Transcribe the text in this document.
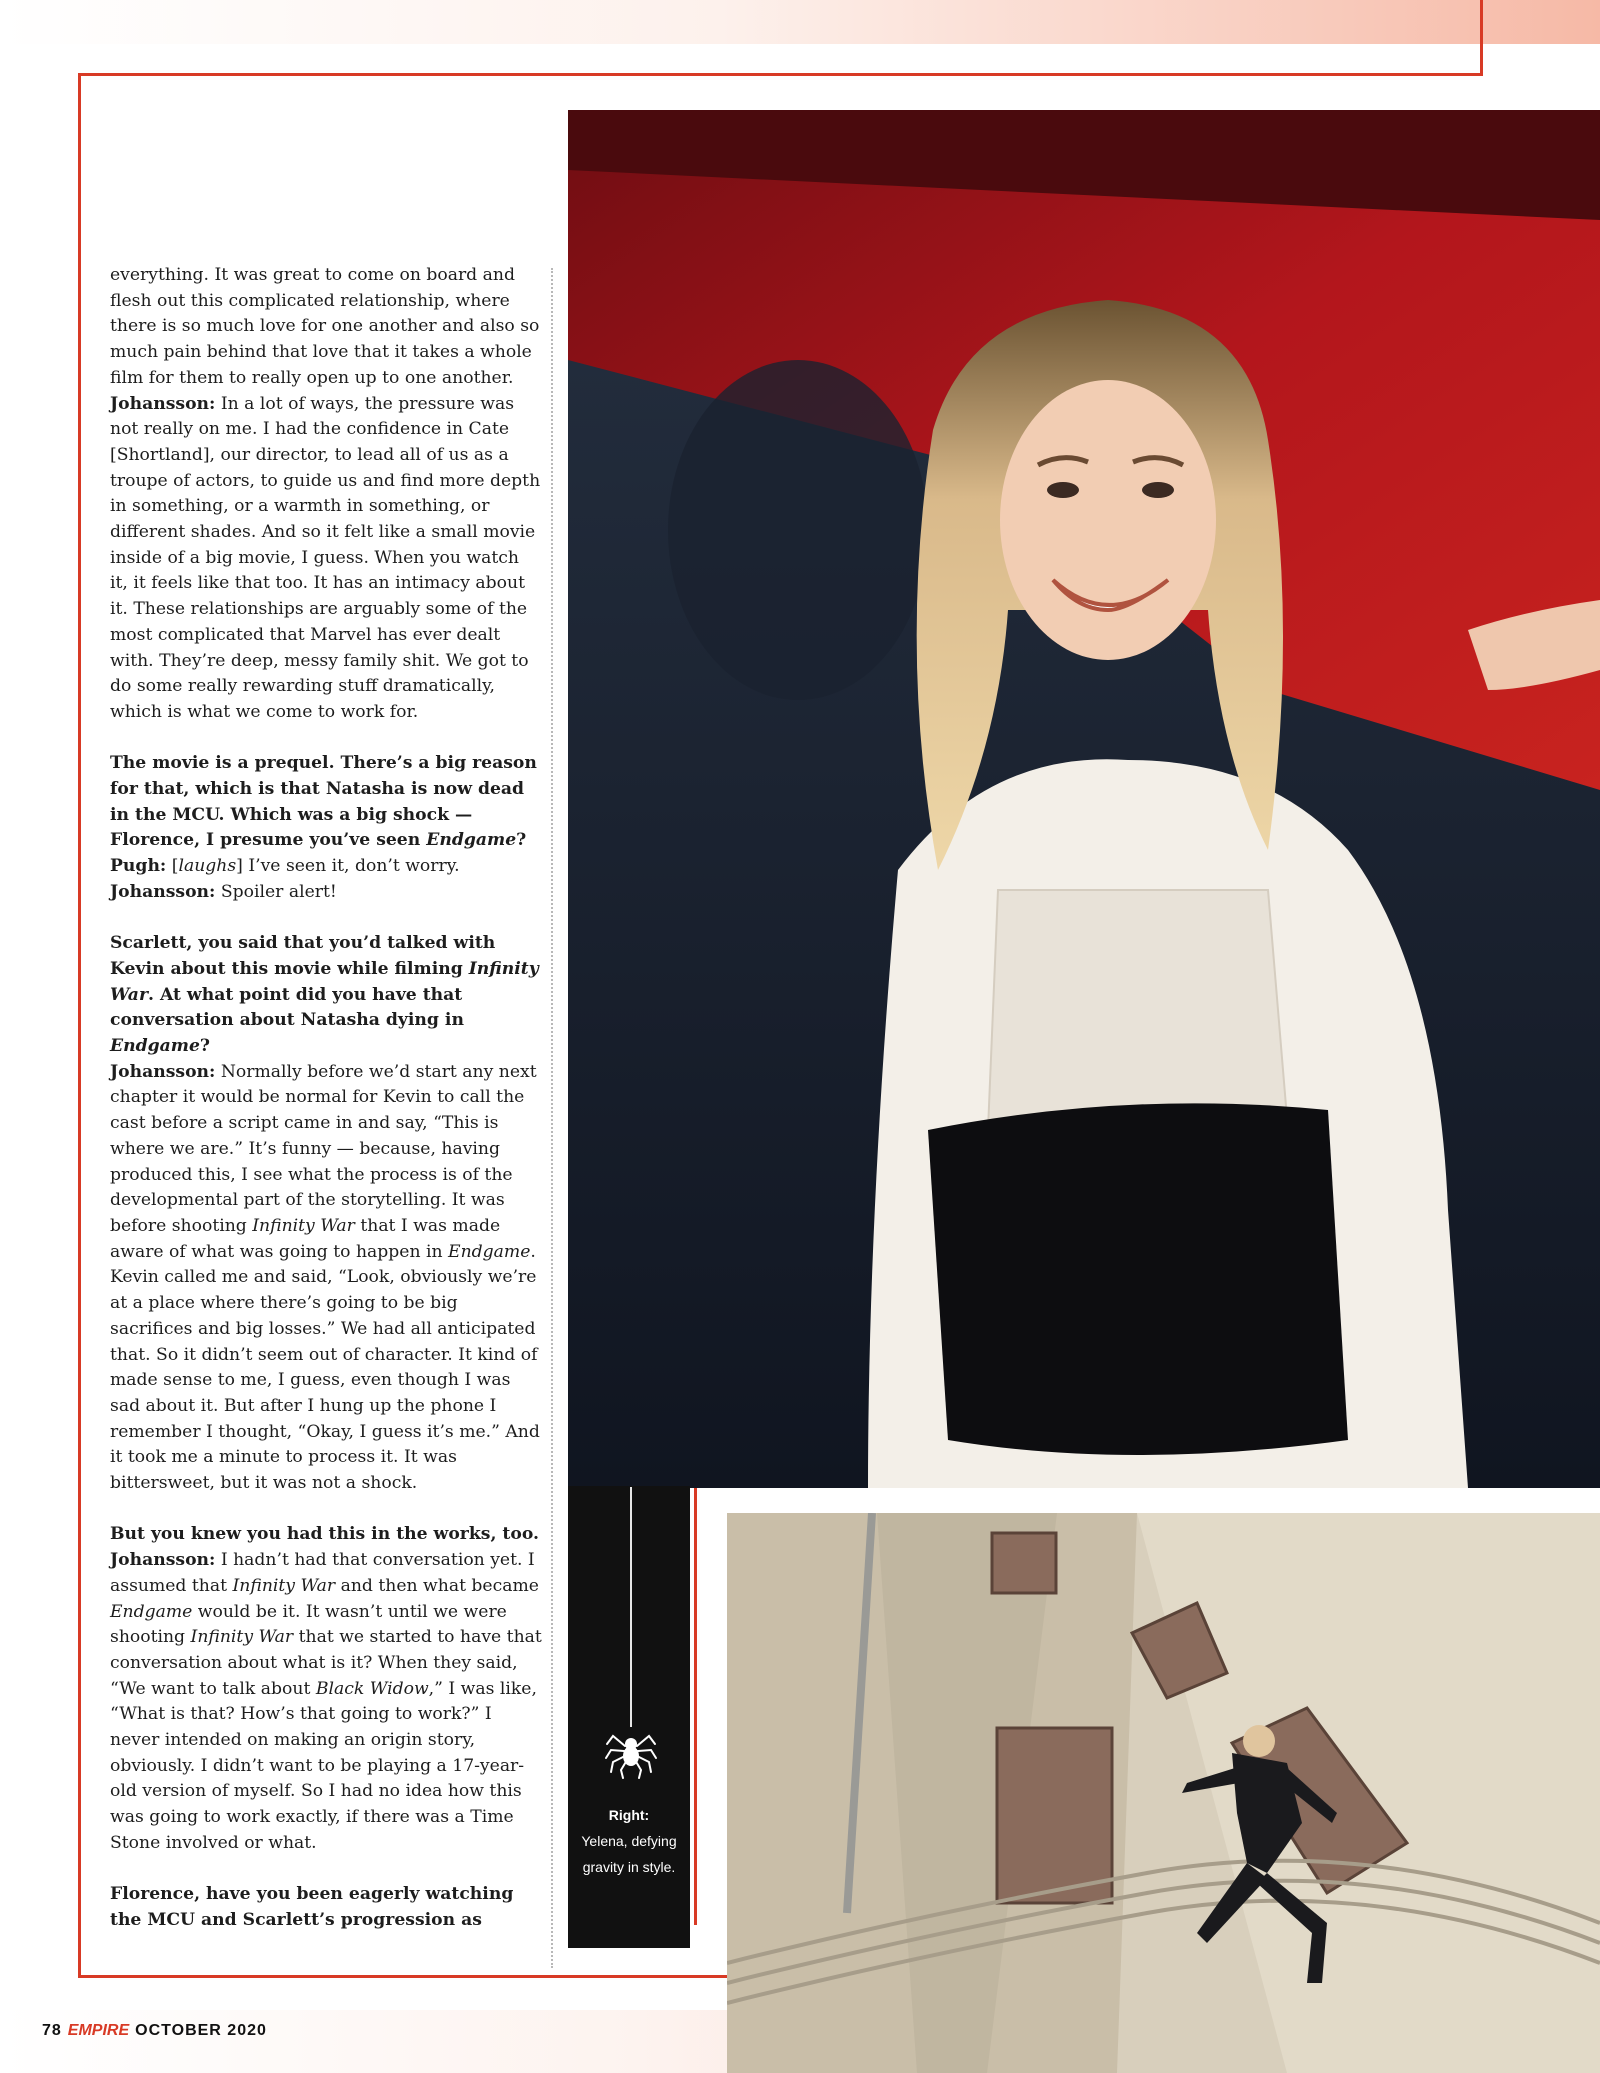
everything. It was great to come on board and flesh out this complicated relationship, where there is so much love for one another and also so much pain behind that love that it takes a whole film for them to really open up to one another.

Johansson: In a lot of ways, the pressure was not really on me. I had the confidence in Cate [Shortland], our director, to lead all of us as a troupe of actors, to guide us and find more depth in something, or a warmth in something, or different shades. And so it felt like a small movie inside of a big movie, I guess. When you watch it, it feels like that too. It has an intimacy about it. These relationships are arguably some of the most complicated that Marvel has ever dealt with. They’re deep, messy family shit. We got to do some really rewarding stuff dramatically, which is what we come to work for.

The movie is a prequel. There’s a big reason for that, which is that Natasha is now dead in the MCU. Which was a big shock — Florence, I presume you’ve seen Endgame?

Pugh: [laughs] I’ve seen it, don’t worry.

Johansson: Spoiler alert!

Scarlett, you said that you’d talked with Kevin about this movie while filming Infinity War. At what point did you have that conversation about Natasha dying in Endgame?

Johansson: Normally before we’d start any next chapter it would be normal for Kevin to call the cast before a script came in and say, “This is where we are.” It’s funny — because, having produced this, I see what the process is of the developmental part of the storytelling. It was before shooting Infinity War that I was made aware of what was going to happen in Endgame. Kevin called me and said, “Look, obviously we’re at a place where there’s going to be big sacrifices and big losses.” We had all anticipated that. So it didn’t seem out of character. It kind of made sense to me, I guess, even though I was sad about it. But after I hung up the phone I remember I thought, “Okay, I guess it’s me.” And it took me a minute to process it. It was bittersweet, but it was not a shock.

But you knew you had this in the works, too.

Johansson: I hadn’t had that conversation yet. I assumed that Infinity War and then what became Endgame would be it. It wasn’t until we were shooting Infinity War that we started to have that conversation about what is it? When they said, “We want to talk about Black Widow,” I was like, “What is that? How’s that going to work?” I never intended on making an origin story, obviously. I didn’t want to be playing a 17-year-old version of myself. So I had no idea how this was going to work exactly, if there was a Time Stone involved or what.

Florence, have you been eagerly watching the MCU and Scarlett’s progression as

Right:
Yelena, defying gravity in style.
78 EMPIRE OCTOBER 2020
